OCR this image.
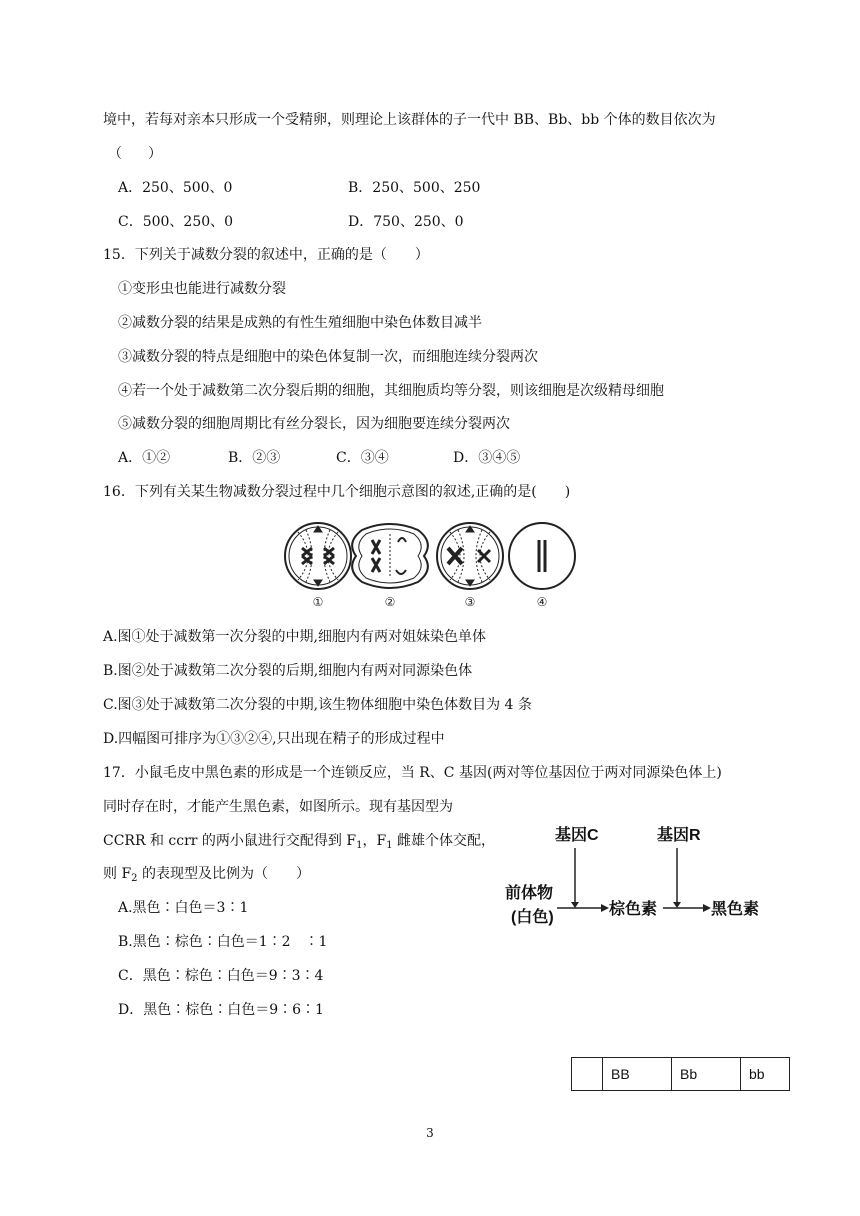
境中，若每对亲本只形成一个受精卵，则理论上该群体的子一代中 BB、Bb、bb 个体的数目依次为
（ ）
A．250、500、0	B．250、500、250
C．500、250、0	D．750、250、0
15．下列关于减数分裂的叙述中，正确的是（　　）
①变形虫也能进行减数分裂
②减数分裂的结果是成熟的有性生殖细胞中染色体数目减半
③减数分裂的特点是细胞中的染色体复制一次，而细胞连续分裂两次
④若一个处于减数第二次分裂后期的细胞，其细胞质均等分裂，则该细胞是次级精母细胞
⑤减数分裂的细胞周期比有丝分裂长，因为细胞要连续分裂两次
A．①②	B．②③	C．③④	D．③④⑤
16．下列有关某生物减数分裂过程中几个细胞示意图的叙述,正确的是(　　)
①	②	③	④
A.图①处于减数第一次分裂的中期,细胞内有两对姐妹染色单体
B.图②处于减数第二次分裂的后期,细胞内有两对同源染色体
C.图③处于减数第二次分裂的中期,该生物体细胞中染色体数目为 4 条
D.四幅图可排序为①③②④,只出现在精子的形成过程中
17．小鼠毛皮中黑色素的形成是一个连锁反应，当 R、C 基因(两对等位基因位于两对同源染色体上)
同时存在时，才能产生黑色素，如图所示。现有基因型为
CCRR 和 ccrr 的两小鼠进行交配得到 $F_1$，$F_1$ 雌雄个体交配，
则 $F_2$ 的表现型及比例为（　　）
A.黑色∶白色＝3∶1
B.黑色∶棕色∶白色＝1∶2　∶1
C．黑色∶棕色∶白色＝9∶3∶4
D．黑色∶棕色∶白色＝9∶6∶1
基因C	基因R
前体物
(白色)	棕色素	黑色素
	BB	Bb	bb
3
